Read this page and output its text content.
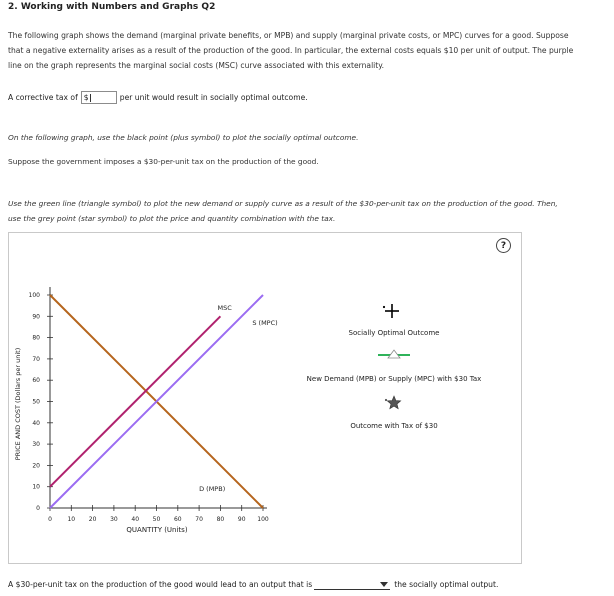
2. Working with Numbers and Graphs Q2
The following graph shows the demand (marginal private benefits, or MPB) and supply (marginal private costs, or MPC) curves for a good. Suppose
that a negative externality arises as a result of the production of the good. In particular, the external costs equals $10 per unit of output. The purple
line on the graph represents the marginal social costs (MSC) curve associated with this externality.
A corrective tax of $	per unit would result in socially optimal outcome.
On the following graph, use the black point (plus symbol) to plot the socially optimal outcome.
Suppose the government imposes a $30-per-unit tax on the production of the good.
Use the green line (triangle symbol) to plot the new demand or supply curve as a result of the $30-per-unit tax on the production of the good. Then,
use the grey point (star symbol) to plot the price and quantity combination with the tax.
?
0	10 20 30 40 50 60 70 80 90 100
0
10
20
30
40
50
60
70
80
90
100
D (MPB)
S (MPC)
MSC
Socially Optimal Outcome
New Demand (MPB) or Supply (MPC) with $30 Tax
Outcome with Tax of $30
QUANTITY (Units)
PRICE AND COST (Dollars per unit)
A $30-per-unit tax on the production of the good would lead to an output that is	the socially optimal output.
